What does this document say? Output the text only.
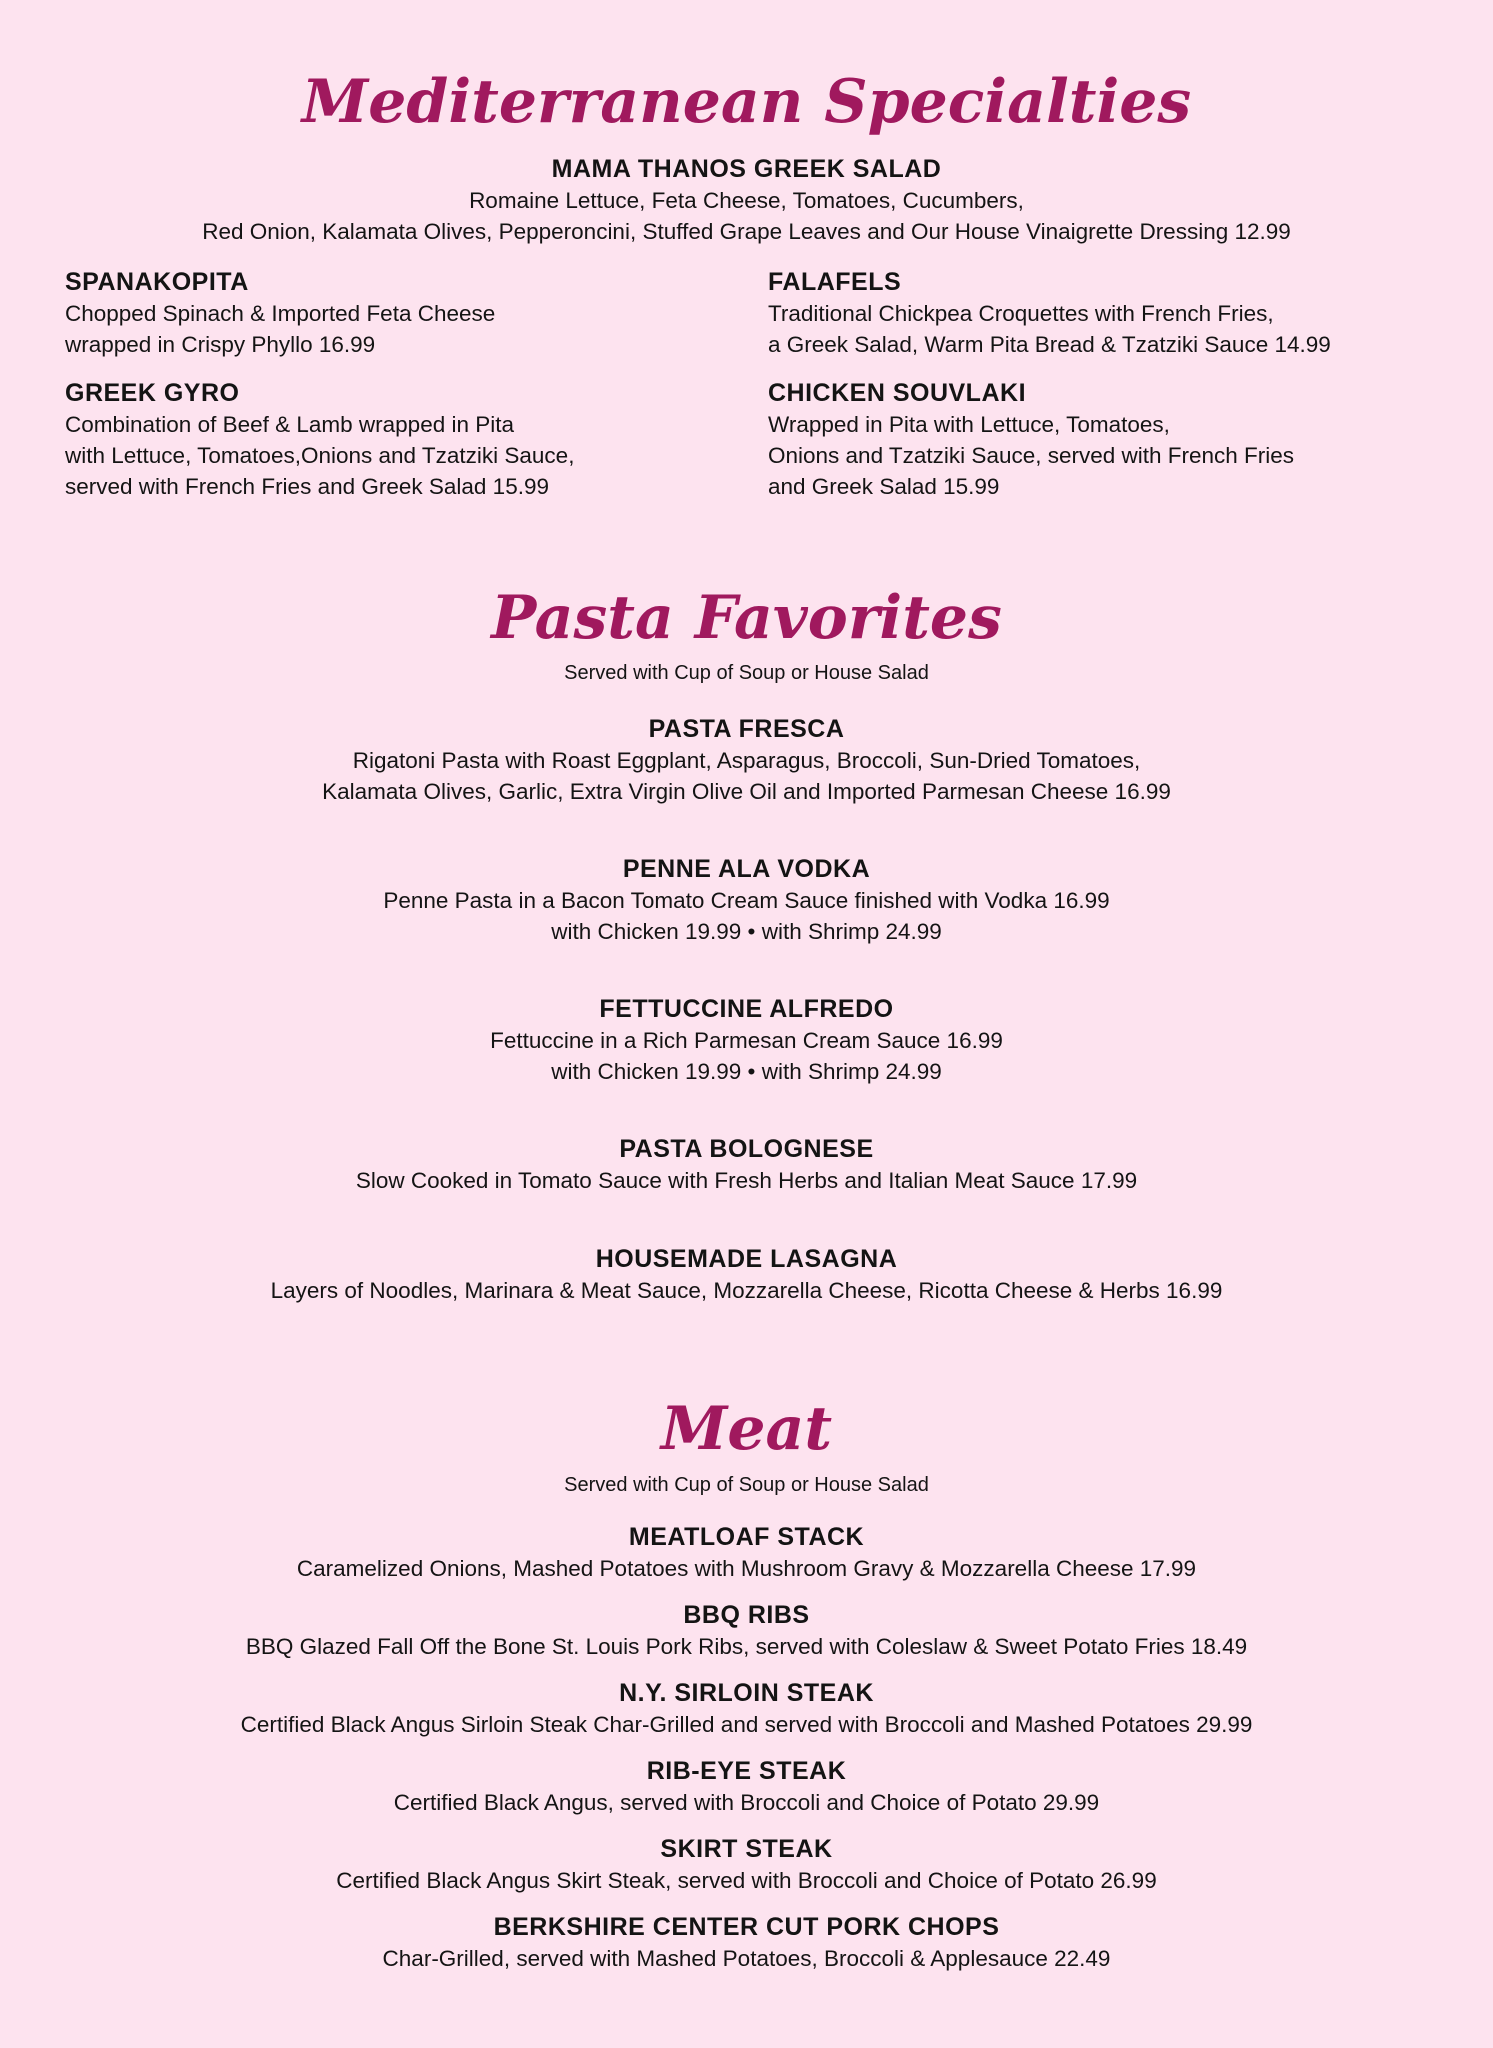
Mediterranean Specialties
MAMA THANOS GREEK SALAD
Romaine Lettuce, Feta Cheese, Tomatoes, Cucumbers,
Red Onion, Kalamata Olives, Pepperoncini, Stuffed Grape Leaves and Our House Vinaigrette Dressing 12.99
SPANAKOPITA
Chopped Spinach & Imported Feta Cheese
wrapped in Crispy Phyllo 16.99
FALAFELS
Traditional Chickpea Croquettes with French Fries,
a Greek Salad, Warm Pita Bread & Tzatziki Sauce 14.99
GREEK GYRO
Combination of Beef & Lamb wrapped in Pita
with Lettuce, Tomatoes,Onions and Tzatziki Sauce,
served with French Fries and Greek Salad 15.99
CHICKEN SOUVLAKI
Wrapped in Pita with Lettuce, Tomatoes,
Onions and Tzatziki Sauce, served with French Fries
and Greek Salad 15.99
Pasta Favorites
Served with Cup of Soup or House Salad
PASTA FRESCA
Rigatoni Pasta with Roast Eggplant, Asparagus, Broccoli, Sun-Dried Tomatoes,
Kalamata Olives, Garlic, Extra Virgin Olive Oil and Imported Parmesan Cheese 16.99
PENNE ALA VODKA
Penne Pasta in a Bacon Tomato Cream Sauce finished with Vodka 16.99
with Chicken 19.99 • with Shrimp 24.99
FETTUCCINE ALFREDO
Fettuccine in a Rich Parmesan Cream Sauce 16.99
with Chicken 19.99 • with Shrimp 24.99
PASTA BOLOGNESE
Slow Cooked in Tomato Sauce with Fresh Herbs and Italian Meat Sauce 17.99
HOUSEMADE LASAGNA
Layers of Noodles, Marinara & Meat Sauce, Mozzarella Cheese, Ricotta Cheese & Herbs 16.99
Meat
Served with Cup of Soup or House Salad
MEATLOAF STACK
Caramelized Onions, Mashed Potatoes with Mushroom Gravy & Mozzarella Cheese 17.99
BBQ RIBS
BBQ Glazed Fall Off the Bone St. Louis Pork Ribs, served with Coleslaw & Sweet Potato Fries 18.49
N.Y. SIRLOIN STEAK
Certified Black Angus Sirloin Steak Char-Grilled and served with Broccoli and Mashed Potatoes 29.99
RIB-EYE STEAK
Certified Black Angus, served with Broccoli and Choice of Potato 29.99
SKIRT STEAK
Certified Black Angus Skirt Steak, served with Broccoli and Choice of Potato 26.99
BERKSHIRE CENTER CUT PORK CHOPS
Char-Grilled, served with Mashed Potatoes, Broccoli & Applesauce 22.49
